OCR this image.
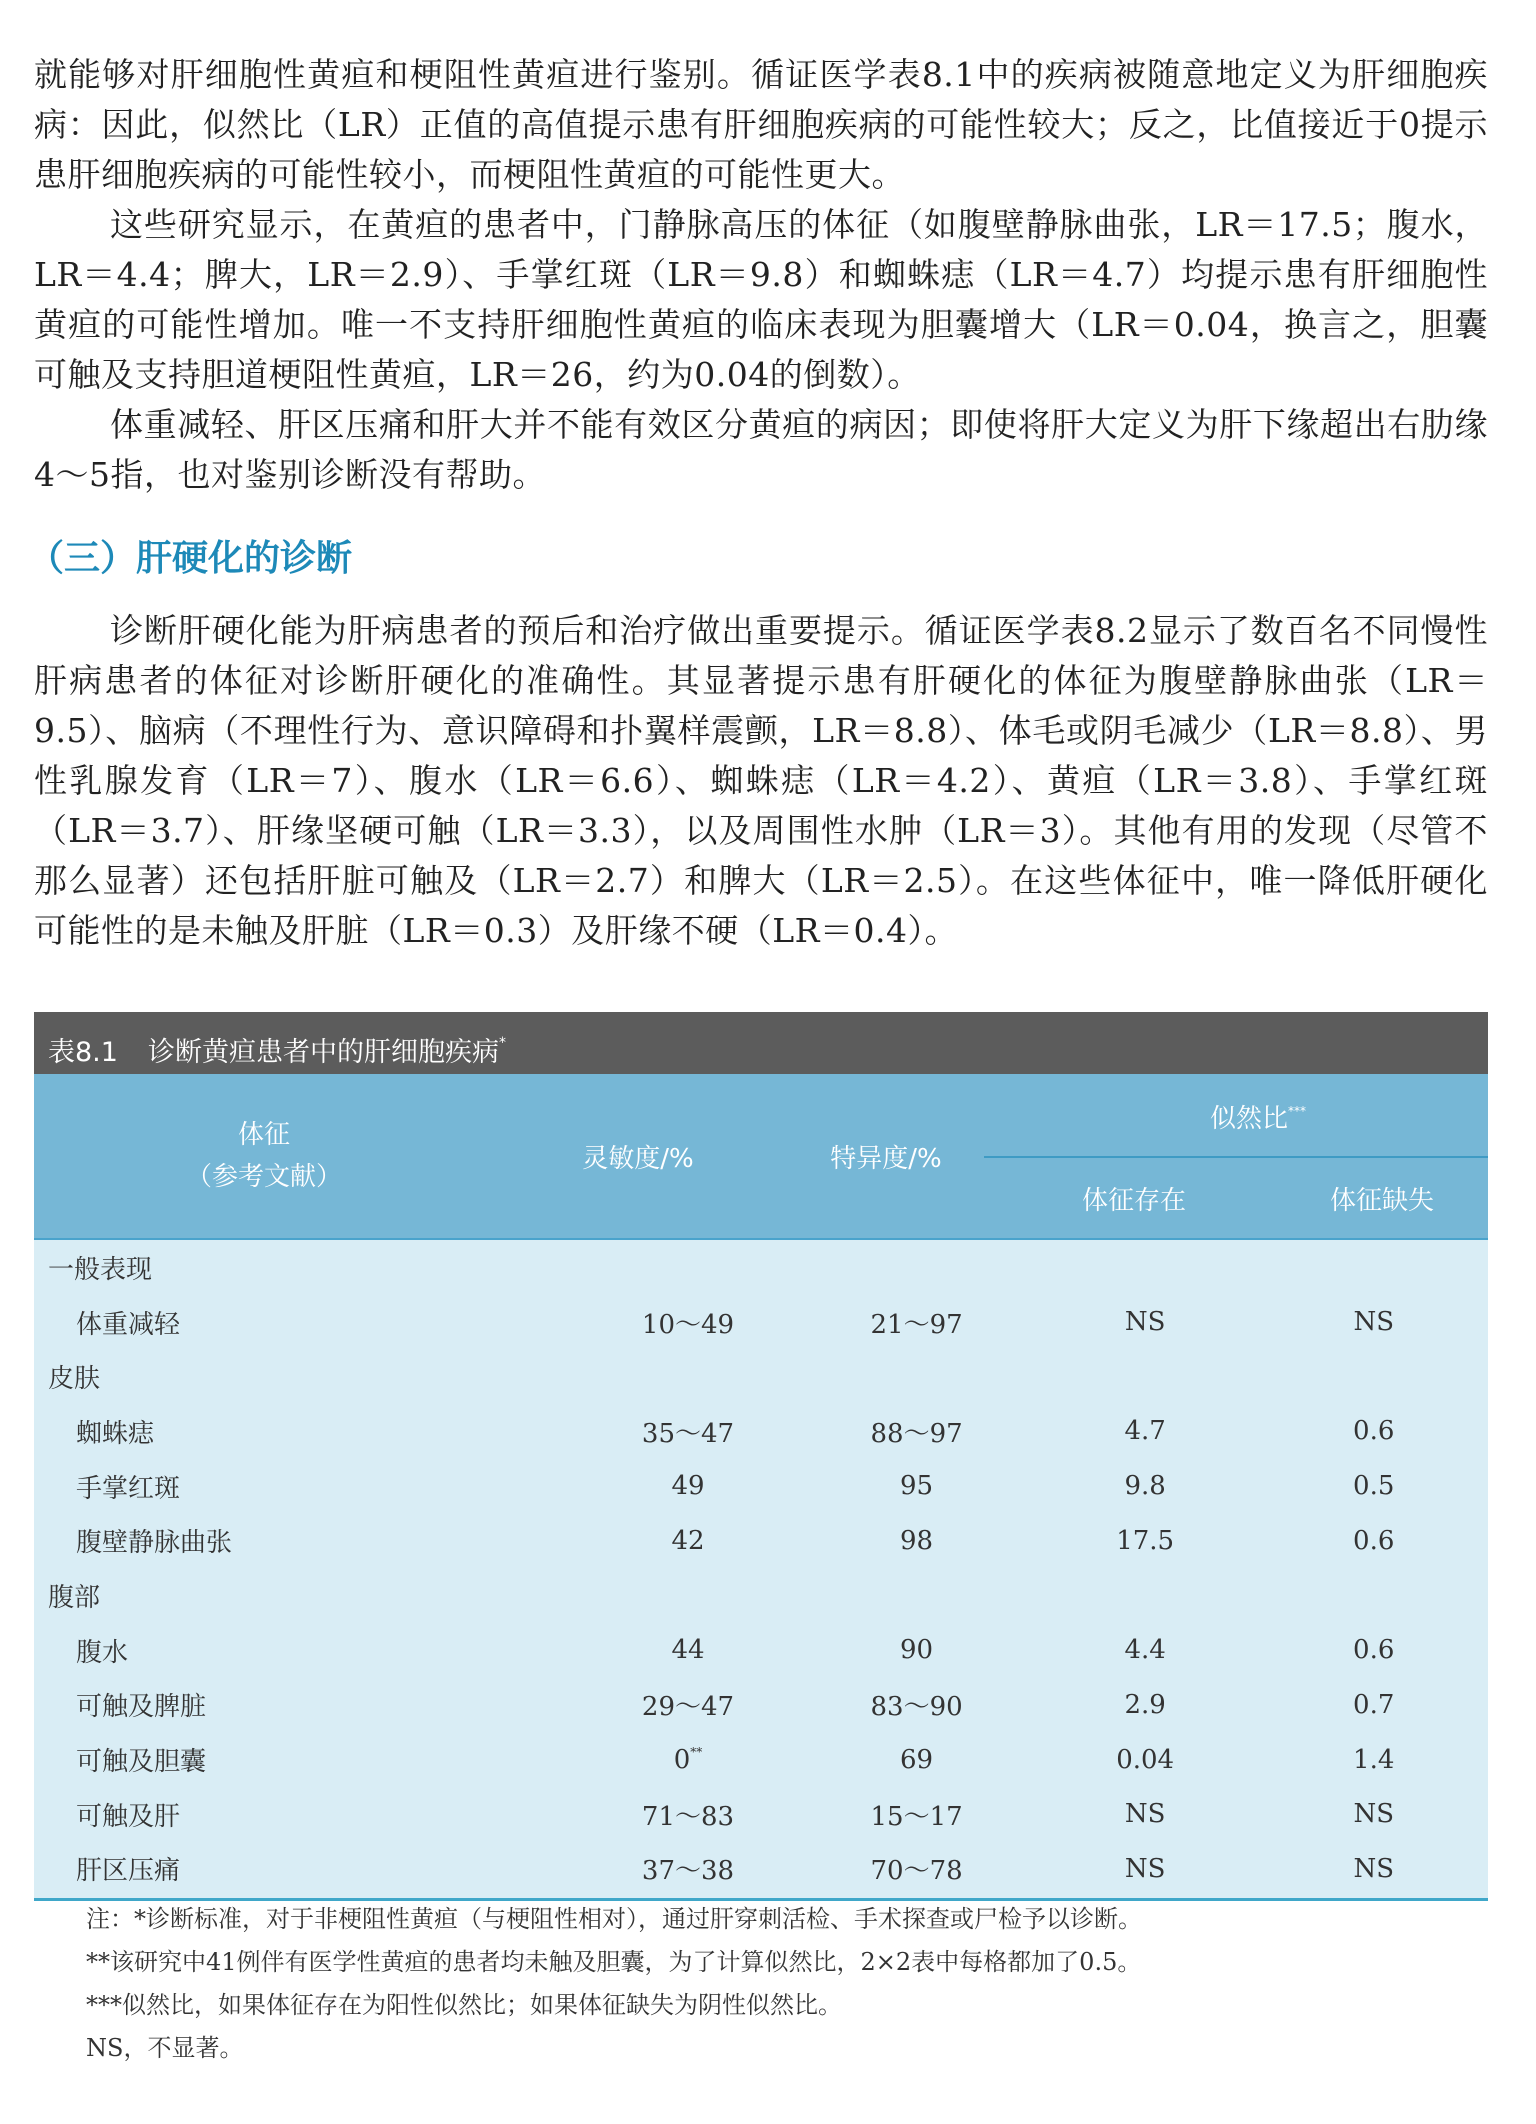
就能够对肝细胞性黄疸和梗阻性黄疸进行鉴别。循证医学表8.1中的疾病被随意地定义为肝细胞疾病：因此，似然比（LR）正值的高值提示患有肝细胞疾病的可能性较大；反之，比值接近于0提示患肝细胞疾病的可能性较小，而梗阻性黄疸的可能性更大。

这些研究显示，在黄疸的患者中，门静脉高压的体征（如腹壁静脉曲张，LR＝17.5；腹水，LR＝4.4；脾大，LR＝2.9）、手掌红斑（LR＝9.8）和蜘蛛痣（LR＝4.7）均提示患有肝细胞性黄疸的可能性增加。唯一不支持肝细胞性黄疸的临床表现为胆囊增大（LR＝0.04，换言之，胆囊可触及支持胆道梗阻性黄疸，LR＝26，约为0.04的倒数）。

体重减轻、肝区压痛和肝大并不能有效区分黄疸的病因；即使将肝大定义为肝下缘超出右肋缘4～5指，也对鉴别诊断没有帮助。

（三）肝硬化的诊断

诊断肝硬化能为肝病患者的预后和治疗做出重要提示。循证医学表8.2显示了数百名不同慢性肝病患者的体征对诊断肝硬化的准确性。其显著提示患有肝硬化的体征为腹壁静脉曲张（LR＝9.5）、脑病（不理性行为、意识障碍和扑翼样震颤，LR＝8.8）、体毛或阴毛减少（LR＝8.8）、男性乳腺发育（LR＝7）、腹水（LR＝6.6）、蜘蛛痣（LR＝4.2）、黄疸（LR＝3.8）、手掌红斑（LR＝3.7）、肝缘坚硬可触（LR＝3.3），以及周围性水肿（LR＝3）。其他有用的发现（尽管不那么显著）还包括肝脏可触及（LR＝2.7）和脾大（LR＝2.5）。在这些体征中，唯一降低肝硬化可能性的是未触及肝脏（LR＝0.3）及肝缘不硬（LR＝0.4）。

表8.1 诊断黄疸患者中的肝细胞疾病*
体征
（参考文献）
灵敏度/%	特异度/%
似然比***
体征存在	体征缺失
一般表现
体重减轻	10～49	21～97	NS	NS
皮肤
蜘蛛痣	35～47	88～97	4.7	0.6
手掌红斑	49	95	9.8	0.5
腹壁静脉曲张	42	98	17.5	0.6
腹部
腹水	44	90	4.4	0.6
可触及脾脏	29～47	83～90	2.9	0.7
可触及胆囊	0**	69	0.04	1.4
可触及肝	71～83	15～17	NS	NS
肝区压痛	37～38	70～78	NS	NS

注：*诊断标准，对于非梗阻性黄疸（与梗阻性相对），通过肝穿刺活检、手术探查或尸检予以诊断。

**该研究中41例伴有医学性黄疸的患者均未触及胆囊，为了计算似然比，2×2表中每格都加了0.5。

***似然比，如果体征存在为阳性似然比；如果体征缺失为阴性似然比。

NS，不显著。
